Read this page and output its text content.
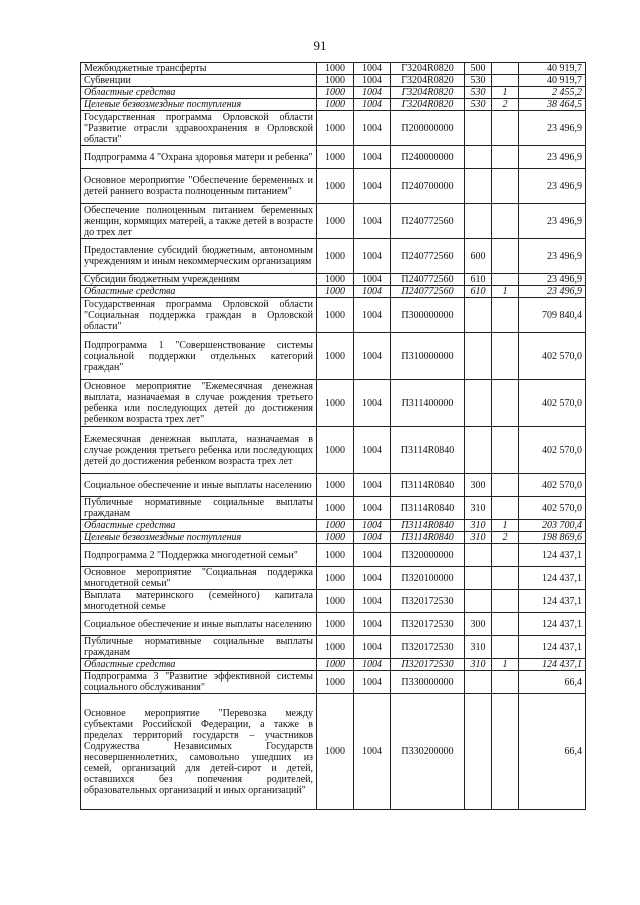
91
Межбюджетные трансферты	1000	1004	Г3204R0820	500		40 919,7
Субвенции	1000	1004	Г3204R0820	530		40 919,7
Областные средства	1000	1004	Г3204R0820	530	1	2 455,2
Целевые безвозмездные поступления	1000	1004	Г3204R0820	530	2	38 464,5
Государственная программа Орловской области "Развитие отрасли здравоохранения в Орловской области"	1000	1004	П200000000			23 496,9
Подпрограмма 4 "Охрана здоровья матери и ребенка"	1000	1004	П240000000			23 496,9
Основное мероприятие "Обеспечение беременных и детей раннего возраста полноценным питанием"	1000	1004	П240700000			23 496,9
Обеспечение полноценным питанием беременных женщин, кормящих матерей, а также детей в возрасте до трех лет	1000	1004	П240772560			23 496,9
Предоставление субсидий бюджетным, автономным учреждениям и иным некоммерческим организациям	1000	1004	П240772560	600		23 496,9
Субсидии бюджетным учреждениям	1000	1004	П240772560	610		23 496,9
Областные средства	1000	1004	П240772560	610	1	23 496,9
Государственная программа Орловской области "Социальная поддержка граждан в Орловской области"	1000	1004	П300000000			709 840,4
Подпрограмма 1 "Совершенствование системы социальной поддержки отдельных категорий граждан"	1000	1004	П310000000			402 570,0
Основное мероприятие "Ежемесячная денежная выплата, назначаемая в случае рождения третьего ребенка или последующих детей до достижения ребенком возраста трех лет"	1000	1004	П311400000			402 570,0
Ежемесячная денежная выплата, назначаемая в случае рождения третьего ребенка или последующих детей до достижения ребенком возраста трех лет	1000	1004	П3114R0840			402 570,0
Социальное обеспечение и иные выплаты населению	1000	1004	П3114R0840	300		402 570,0
Публичные нормативные социальные выплаты гражданам	1000	1004	П3114R0840	310		402 570,0
Областные средства	1000	1004	П3114R0840	310	1	203 700,4
Целевые безвозмездные поступления	1000	1004	П3114R0840	310	2	198 869,6
Подпрограмма 2 "Поддержка многодетной семьи"	1000	1004	П320000000			124 437,1
Основное мероприятие "Социальная поддержка многодетной семьи"	1000	1004	П320100000			124 437,1
Выплата материнского (семейного) капитала многодетной семье	1000	1004	П320172530			124 437,1
Социальное обеспечение и иные выплаты населению	1000	1004	П320172530	300		124 437,1
Публичные нормативные социальные выплаты гражданам	1000	1004	П320172530	310		124 437,1
Областные средства	1000	1004	П320172530	310	1	124 437,1
Подпрограмма 3 "Развитие эффективной системы социального обслуживания"	1000	1004	П330000000			66,4
Основное мероприятие "Перевозка между субъектами Российской Федерации, а также в пределах территорий государств – участников Содружества Независимых Государств несовершеннолетних, самовольно ушедших из семей, организаций для детей-сирот и детей, оставшихся без попечения родителей, образовательных организаций и иных организаций"	1000	1004	П330200000			66,4
